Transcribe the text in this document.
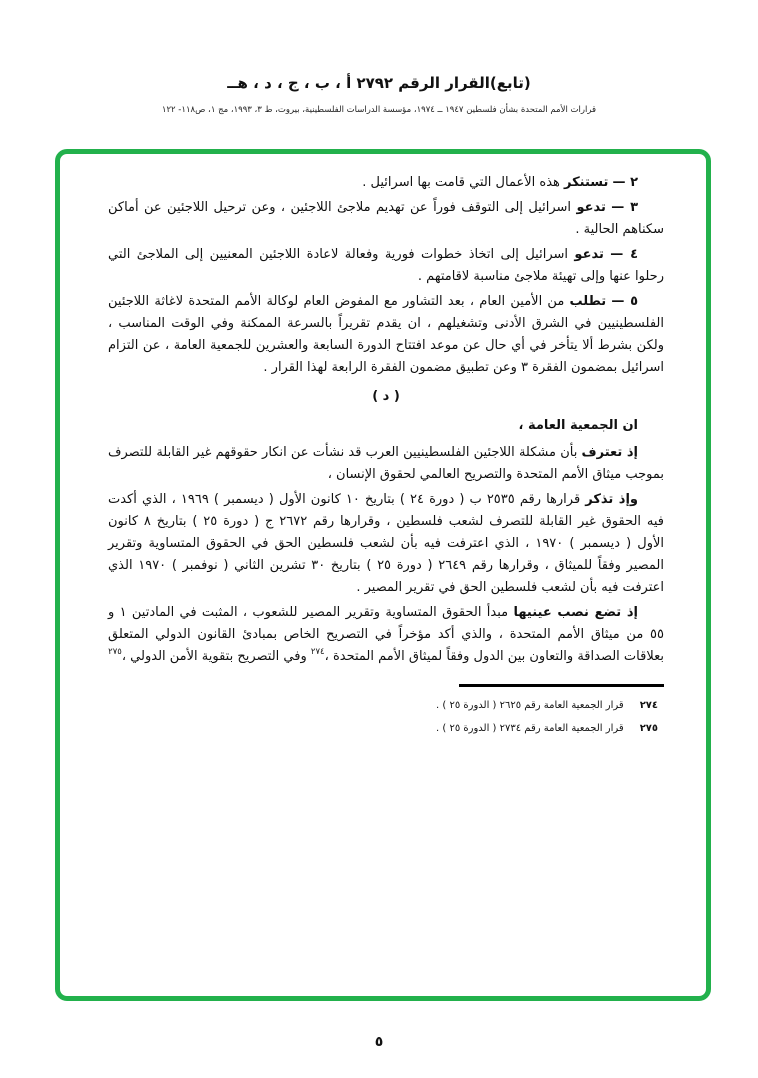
(تابع)القرار الرقم ٢٧٩٢ أ ، ب ، ج ، د ، هــ
قرارات الأمم المتحدة بشأن فلسطين ١٩٤٧ ــ ١٩٧٤، مؤسسة الدراسات الفلسطينية، بيروت، ط ٣، ١٩٩٣، مج ١، ص١١٨- ١٢٢

٢ — تستنكر هذه الأعمال التي قامت بها اسرائيل .

٣ — تدعو اسرائيل إلى التوقف فوراً عن تهديم ملاجئ اللاجئين ، وعن ترحيل اللاجئين عن أماكن سكناهم الحالية .

٤ — تدعو اسرائيل إلى اتخاذ خطوات فورية وفعالة لاعادة اللاجئين المعنيين إلى الملاجئ التي رحلوا عنها وإلى تهيئة ملاجئ مناسبة لاقامتهم .

٥ — تطلب من الأمين العام ، بعد التشاور مع المفوض العام لوكالة الأمم المتحدة لاغاثة اللاجئين الفلسطينيين في الشرق الأدنى وتشغيلهم ، ان يقدم تقريراً بالسرعة الممكنة وفي الوقت المناسب ، ولكن بشرط ألا يتأخر في أي حال عن موعد افتتاح الدورة السابعة والعشرين للجمعية العامة ، عن التزام اسرائيل بمضمون الفقرة ٣ وعن تطبيق مضمون الفقرة الرابعة لهذا القرار .

( د )

ان الجمعية العامة ،

إذ تعترف بأن مشكلة اللاجئين الفلسطينيين العرب قد نشأت عن انكار حقوقهم غير القابلة للتصرف بموجب ميثاق الأمم المتحدة والتصريح العالمي لحقوق الإنسان ،

وإذ تذكر قرارها رقم ٢٥٣٥ ب ( دورة ٢٤ ) بتاريخ ١٠ كانون الأول ( ديسمبر ) ١٩٦٩ ، الذي أكدت فيه الحقوق غير القابلة للتصرف لشعب فلسطين ، وقرارها رقم ٢٦٧٢ ج ( دورة ٢٥ ) بتاريخ ٨ كانون الأول ( ديسمبر ) ١٩٧٠ ، الذي اعترفت فيه بأن لشعب فلسطين الحق في الحقوق المتساوية وتقرير المصير وفقاً للميثاق ، وقرارها رقم ٢٦٤٩ ( دورة ٢٥ ) بتاريخ ٣٠ تشرين الثاني ( نوفمبر ) ١٩٧٠ الذي اعترفت فيه بأن لشعب فلسطين الحق في تقرير المصير .

إذ تضع نصب عينيها مبدأ الحقوق المتساوية وتقرير المصير للشعوب ، المثبت في المادتين ١ و ٥٥ من ميثاق الأمم المتحدة ، والذي أكد مؤخراً في التصريح الخاص بمبادئ القانون الدولي المتعلق بعلاقات الصداقة والتعاون بين الدول وفقاً لميثاق الأمم المتحدة ،$^{٢٧٤}$ وفي التصريح بتقوية الأمن الدولي ،$^{٢٧٥}$

٢٧٤
قرار الجمعية العامة رقم ٢٦٢٥ ( الدورة ٢٥ ) .
٢٧٥
قرار الجمعية العامة رقم ٢٧٣٤ ( الدورة ٢٥ ) .
٥
